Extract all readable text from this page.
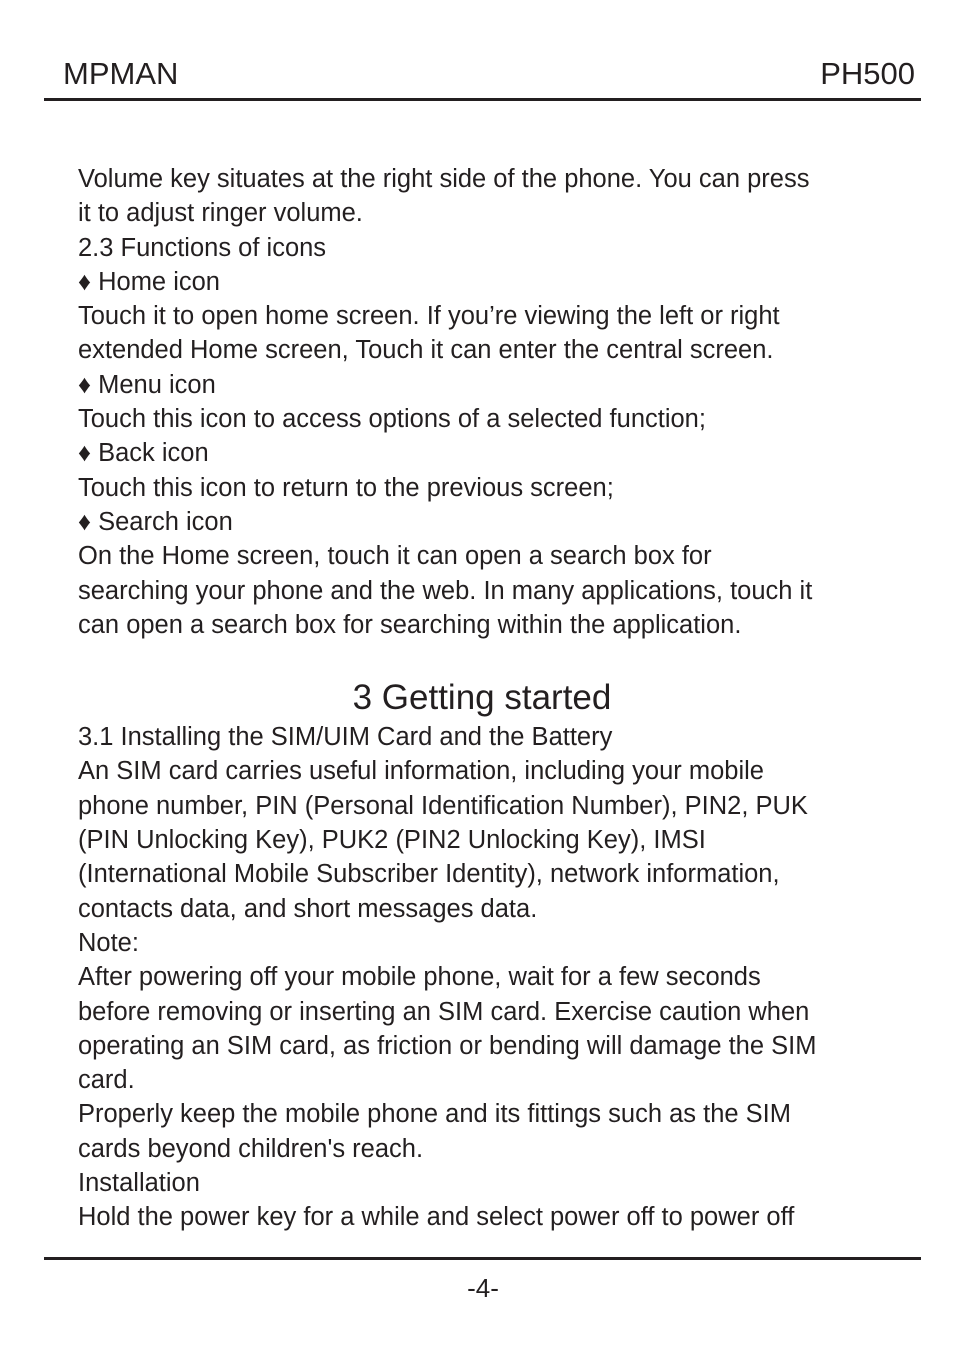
MPMAN	PH500

Volume key situates at the right side of the phone. You can press

it to adjust ringer volume.

2.3 Functions of icons

♦ Home icon

Touch it to open home screen. If you’re viewing the left or right

extended Home screen, Touch it can enter the central screen.

♦ Menu icon

Touch this icon to access options of a selected function;

♦ Back icon

Touch this icon to return to the previous screen;

♦ Search icon

On the Home screen, touch it can open a search box for

searching your phone and the web. In many applications, touch it

can open a search box for searching within the application.

3 Getting started

3.1 Installing the SIM/UIM Card and the Battery

An SIM card carries useful information, including your mobile

phone number, PIN (Personal Identification Number), PIN2, PUK

(PIN Unlocking Key), PUK2 (PIN2 Unlocking Key), IMSI

(International Mobile Subscriber Identity), network information,

contacts data, and short messages data.

Note:

After powering off your mobile phone, wait for a few seconds

before removing or inserting an SIM card. Exercise caution when

operating an SIM card, as friction or bending will damage the SIM

card.

Properly keep the mobile phone and its fittings such as the SIM

cards beyond children's reach.

Installation

Hold the power key for a while and select power off to power off

-4-
